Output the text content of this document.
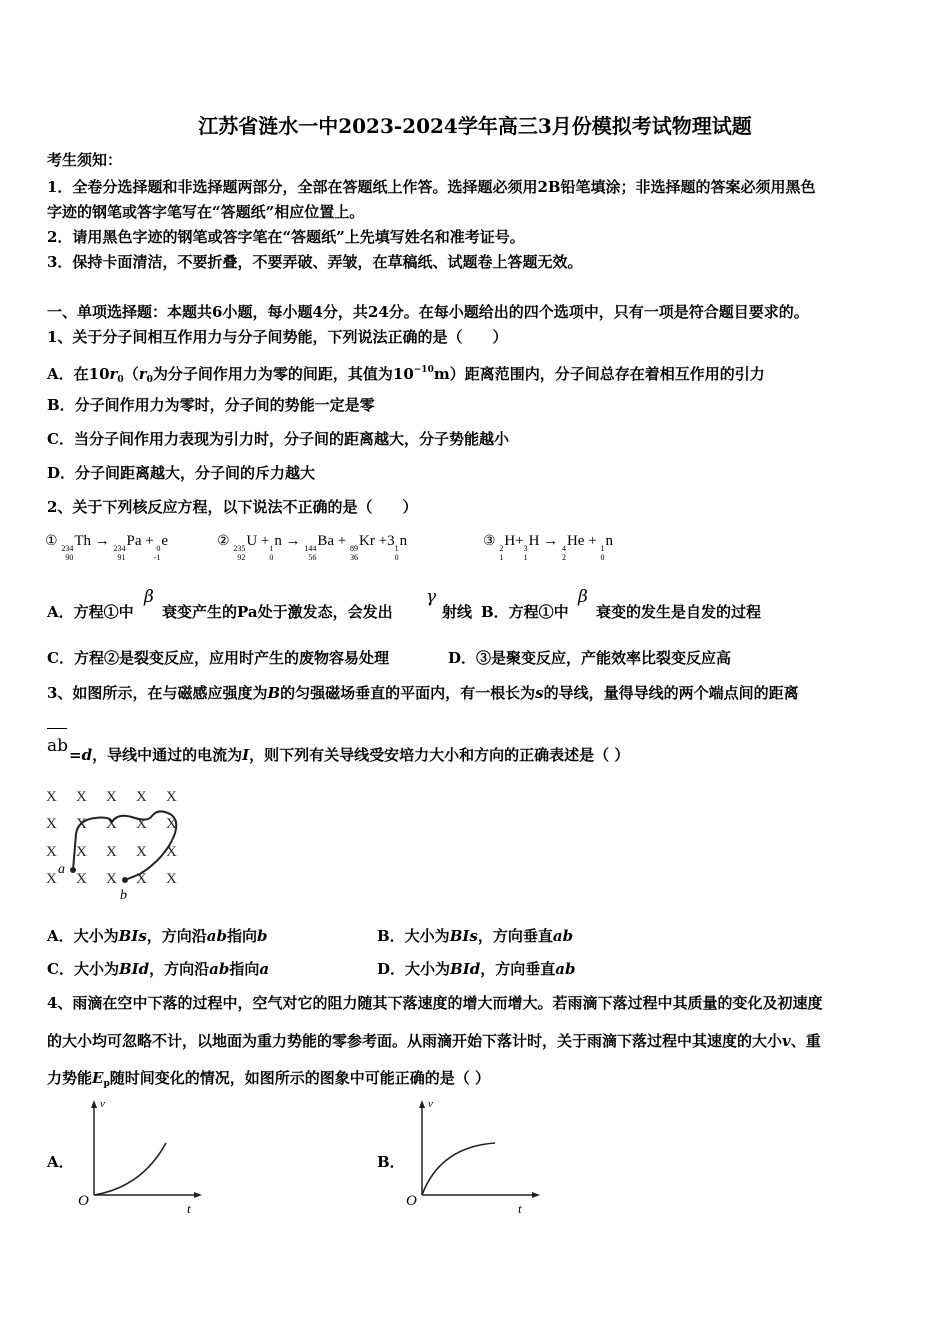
江苏省涟水一中2023-2024学年高三3月份模拟考试物理试题
考生须知：
1．全卷分选择题和非选择题两部分，全部在答题纸上作答。选择题必须用2B铅笔填涂；非选择题的答案必须用黑色
字迹的钢笔或答字笔写在“答题纸”相应位置上。
2．请用黑色字迹的钢笔或答字笔在“答题纸”上先填写姓名和准考证号。
3．保持卡面清洁，不要折叠，不要弄破、弄皱，在草稿纸、试题卷上答题无效。
一、单项选择题：本题共6小题，每小题4分，共24分。在每小题给出的四个选项中，只有一项是符合题目要求的。
1、关于分子间相互作用力与分子间势能，下列说法正确的是（　　）
A．在$10r_0(r_0$为分子间作用力为零的间距，其值为$10^{-10}m$）距离范围内，分子间总存在着相互作用的引力
B．分子间作用力为零时，分子间的势能一定是零
C．当分子间作用力表现为引力时，分子间的距离越大，分子势能越小
D．分子间距离越大，分子间的斥力越大
2、关于下列核反应方程，以下说法不正确的是（　　）
① 234
90
Th → 234
91
Pa + 0
-1
e	② 235
92
U + 1
0
n → 144
56
Ba + 89
36
Kr +3 1
0
n	③ 2
1
H+ 3
1
H → 4
2
He + 1
0
n
A．方程①中
β
衰变产生的Pa处于激发态，会发出
γ
射线 B．方程①中
β
衰变的发生是自发的过程
C．方程②是裂变反应，应用时产生的废物容易处理	D．③是聚变反应，产能效率比裂变反应高
3、如图所示，在与磁感应强度为B的匀强磁场垂直的平面内，有一根长为s的导线，量得导线的两个端点间的距离
ab =d，导线中通过的电流为I，则下列有关导线受安培力大小和方向的正确表述是（ ）
X X X X X
X X X X X
X X X X X
X X X X X
a
b
A．大小为BIs，方向沿ab指向b	B．大小为BIs，方向垂直ab
C．大小为BId，方向沿ab指向a	D．大小为BId，方向垂直ab
4、雨滴在空中下落的过程中，空气对它的阻力随其下落速度的增大而增大。若雨滴下落过程中其质量的变化及初速度
的大小均可忽略不计，以地面为重力势能的零参考面。从雨滴开始下落计时，关于雨滴下落过程中其速度的大小v、重
力势能$E_p$随时间变化的情况，如图所示的图象中可能正确的是（ ）
A．
v
t
O
B．
v
t
O
